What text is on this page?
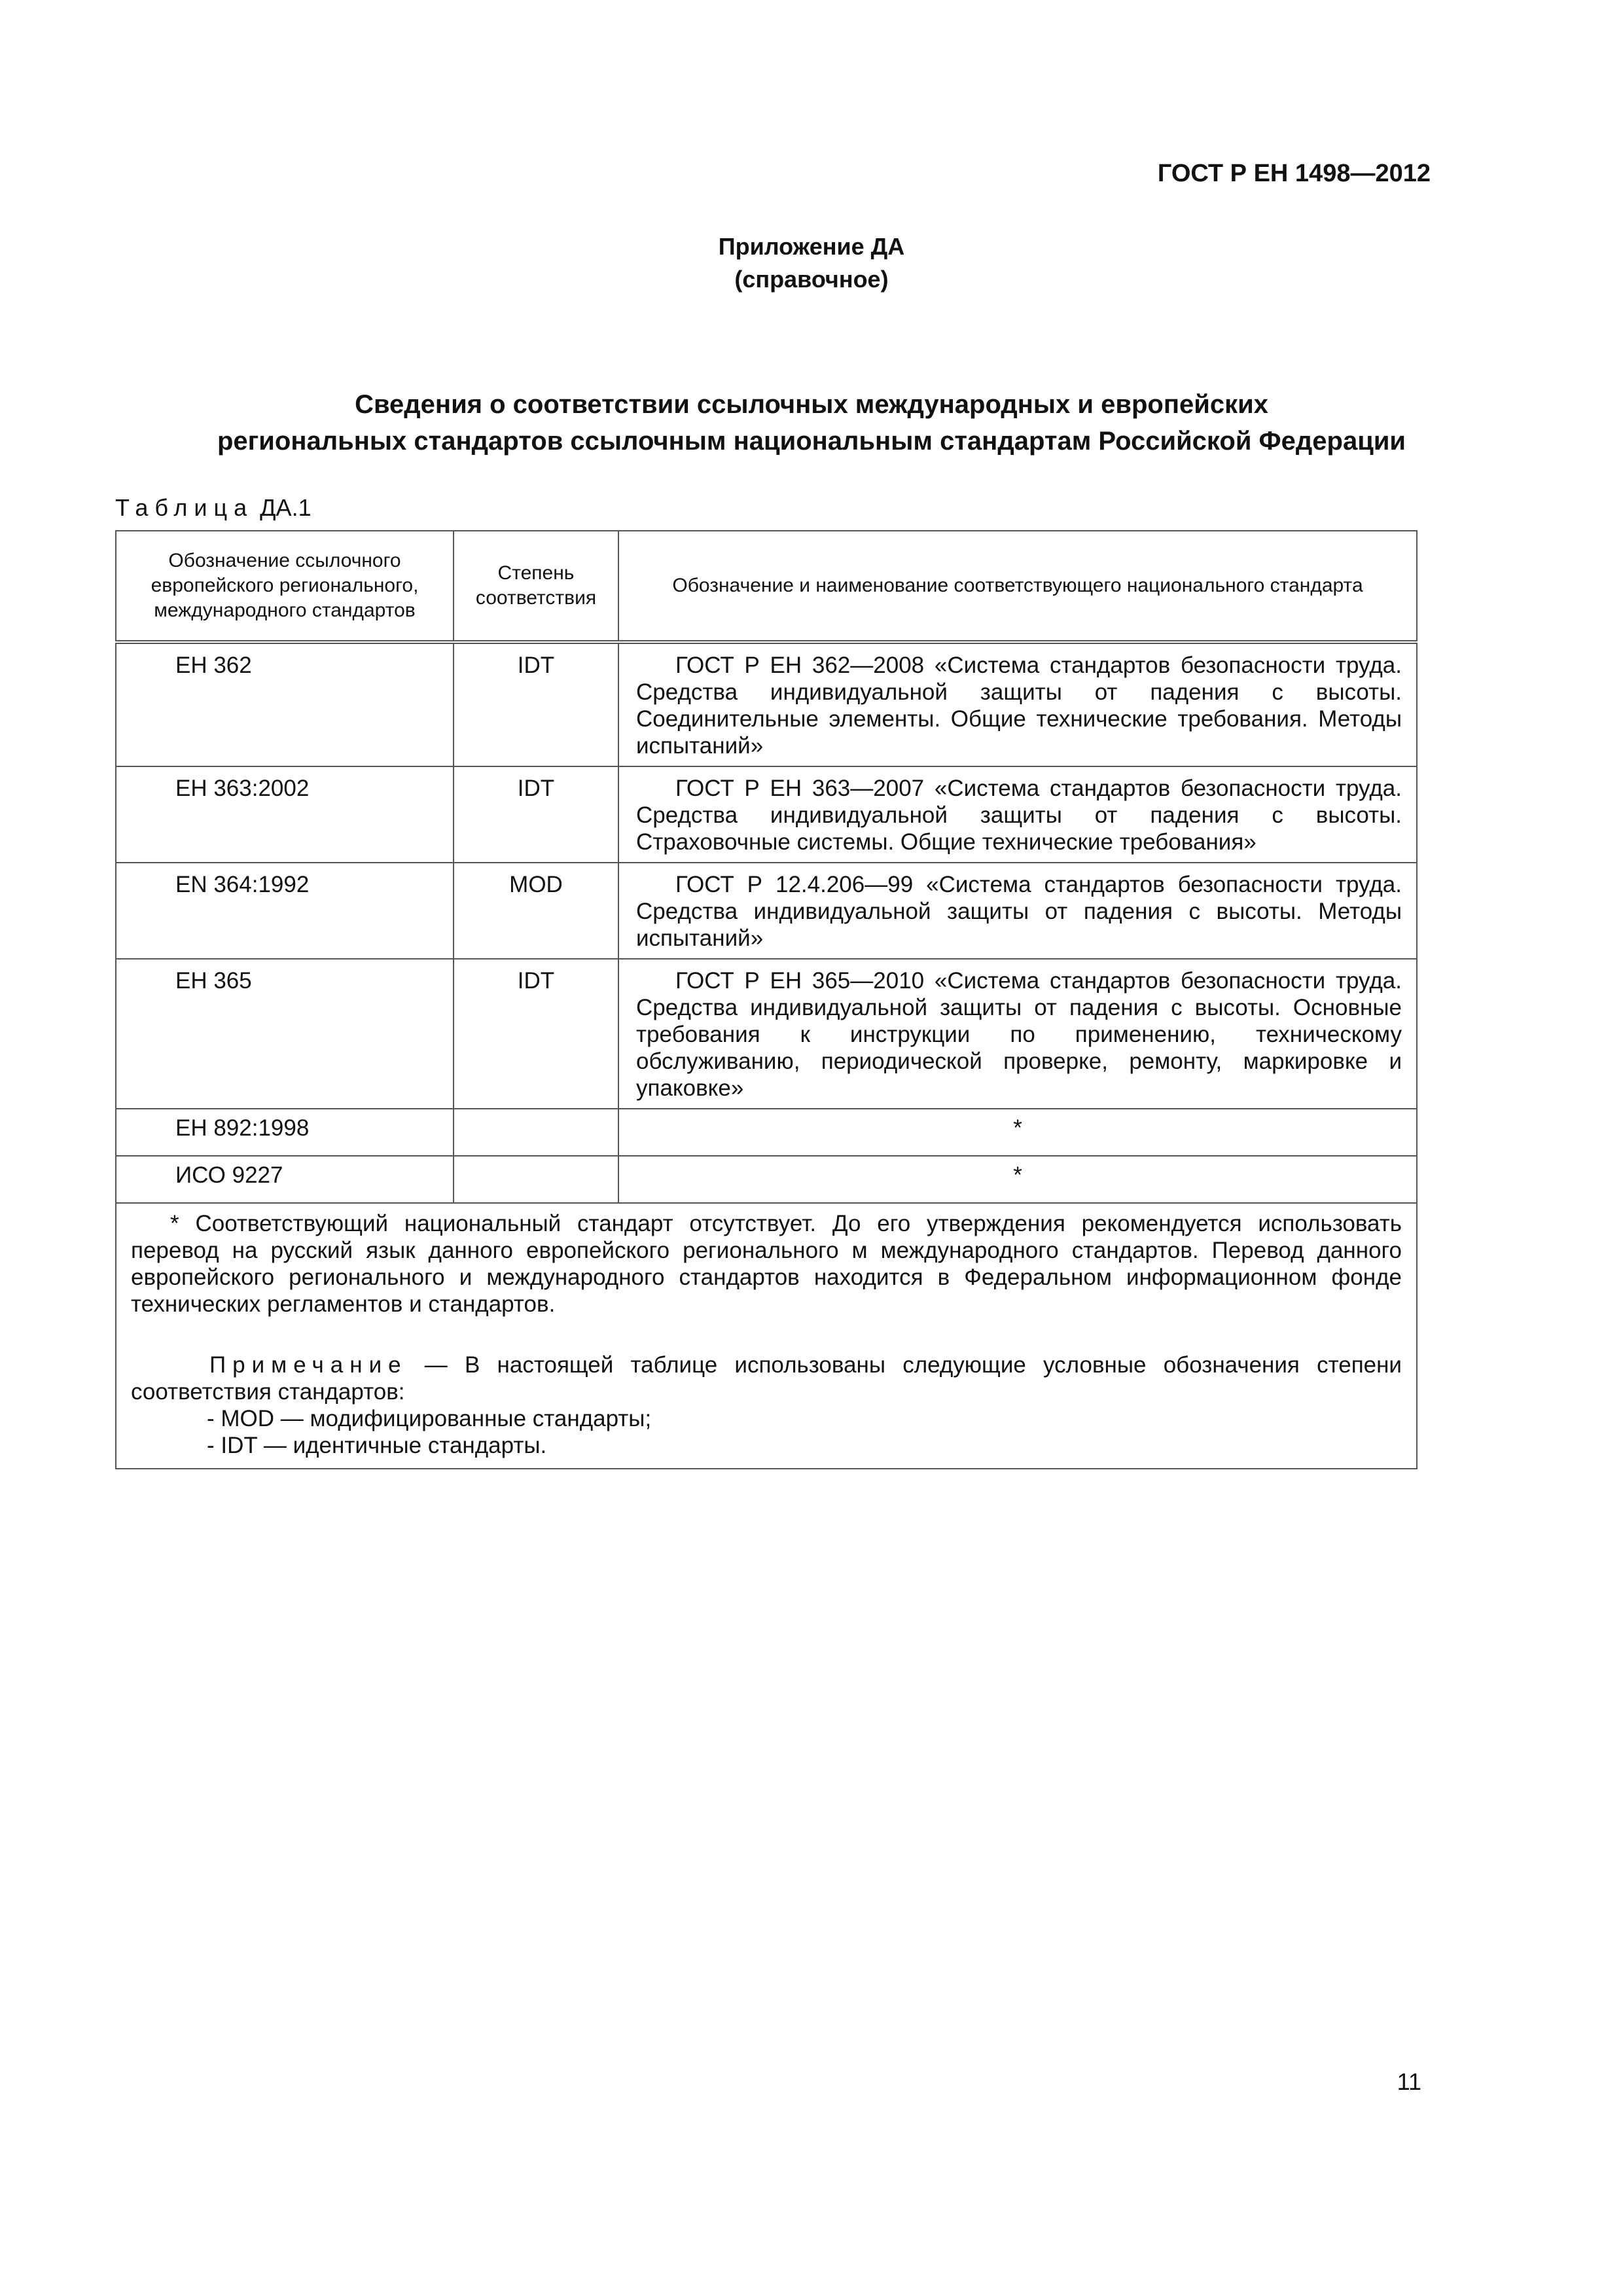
ГОСТ Р ЕН 1498—2012
Приложение ДА
(справочное)
Сведения о соответствии ссылочных международных и европейских
региональных стандартов ссылочным национальным стандартам Российской Федерации
Таблица ДА.1
Обозначение ссылочного европейского регионального, международного стандартов	Степень соответствия	Обозначение и наименование соответствующего национального стандарта
ЕН 362	IDT	ГОСТ Р ЕН 362—2008 «Система стандартов безопасности труда. Средства индивидуальной защиты от падения с высоты. Соединительные элементы. Общие технические требования. Методы испытаний»
ЕН 363:2002	IDT	ГОСТ Р ЕН 363—2007 «Система стандартов безопасности труда. Средства индивидуальной защиты от падения с высоты. Страховочные системы. Общие технические требования»
EN 364:1992	MOD	ГОСТ Р 12.4.206—99 «Система стандартов безопасности труда. Средства индивидуальной защиты от падения с высоты. Методы испытаний»
ЕН 365	IDT	ГОСТ Р ЕН 365—2010 «Система стандартов безопасности труда. Средства индивидуальной защиты от падения с высоты. Основные требования к инструкции по применению, техническому обслуживанию, периодической проверке, ремонту, маркировке и упаковке»
ЕН 892:1998		*
ИСО 9227		*

* Соответствующий национальный стандарт отсутствует. До его утверждения рекомендуется использовать перевод на русский язык данного европейского регионального м международного стандартов. Перевод данного европейского регионального и международного стандартов находится в Федеральном информационном фонде технических регламентов и стандартов.
Примечание — В настоящей таблице использованы следующие условные обозначения степени соответствия стандартов:
- MOD — модифицированные стандарты;
- IDT — идентичные стандарты.		
11
